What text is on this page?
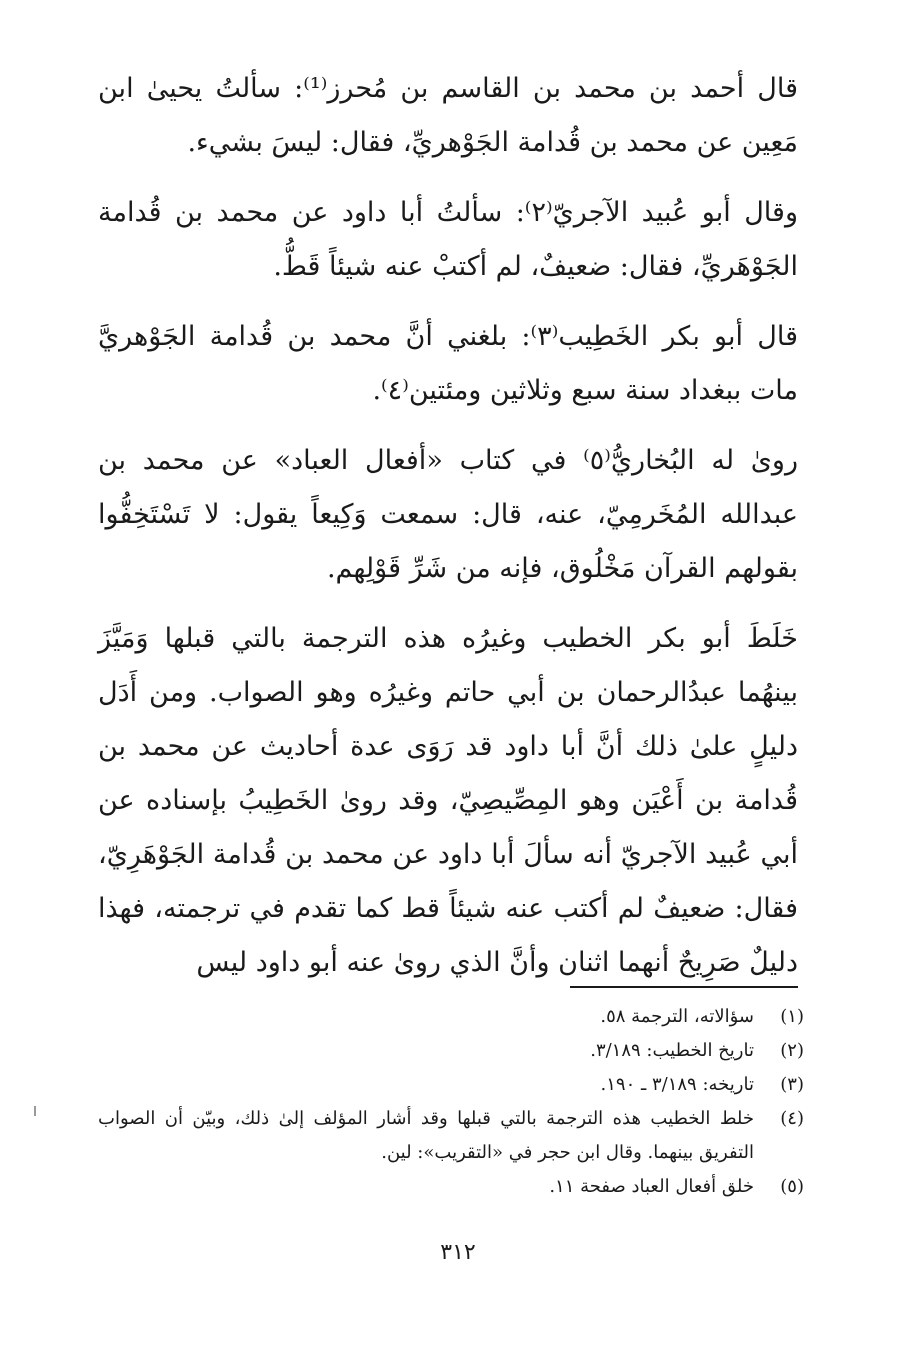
قال أحمد بن محمد بن القاسم بن مُحرز⁽¹⁾: سألتُ يحيىٰ ابن مَعِين عن محمد بن قُدامة الجَوْهريِّ، فقال: ليسَ بشيء.

وقال أبو عُبيد الآجريّ⁽٢⁾: سألتُ أبا داود عن محمد بن قُدامة الجَوْهَريِّ، فقال: ضعيفٌ، لم أكتبْ عنه شيئاً قَطُّ.

قال أبو بكر الخَطِيب⁽٣⁾: بلغني أنَّ محمد بن قُدامة الجَوْهريَّ مات ببغداد سنة سبع وثلاثين ومئتين⁽٤⁾.

روىٰ له البُخاريُّ⁽٥⁾ في كتاب «أفعال العباد» عن محمد بن عبدالله المُخَرمِيّ، عنه، قال: سمعت وَكِيعاً يقول: لا تَسْتَخِفُّوا بقولهم القرآن مَخْلُوق، فإنه من شَرِّ قَوْلِهم.

خَلَطَ أبو بكر الخطيب وغيرُه هذه الترجمة بالتي قبلها وَمَيَّزَ بينهُما عبدُالرحمان بن أبي حاتم وغيرُه وهو الصواب. ومن أَدَل دليلٍ علىٰ ذلك أنَّ أبا داود قد رَوَى عدة أحاديث عن محمد بن قُدامة بن أَعْيَن وهو المِصِّيصِيّ، وقد روىٰ الخَطِيبُ بإسناده عن أبي عُبيد الآجريّ أنه سألَ أبا داود عن محمد بن قُدامة الجَوْهَرِيّ، فقال: ضعيفٌ لم أكتب عنه شيئاً قط كما تقدم في ترجمته، فهذا دليلٌ صَرِيحٌ أنهما اثنان وأنَّ الذي روىٰ عنه أبو داود ليس

(١)
سؤالاته، الترجمة ٥٨.
(٢)
تاريخ الخطيب: ٣/١٨٩.
(٣)
تاريخه: ٣/١٨٩ ـ ١٩٠.
(٤)
خلط الخطيب هذه الترجمة بالتي قبلها وقد أشار المؤلف إلىٰ ذلك، وبيّن أن الصواب التفريق بينهما. وقال ابن حجر في «التقريب»: لين.
(٥)
خلق أفعال العباد صفحة ١١.
٣١٢
